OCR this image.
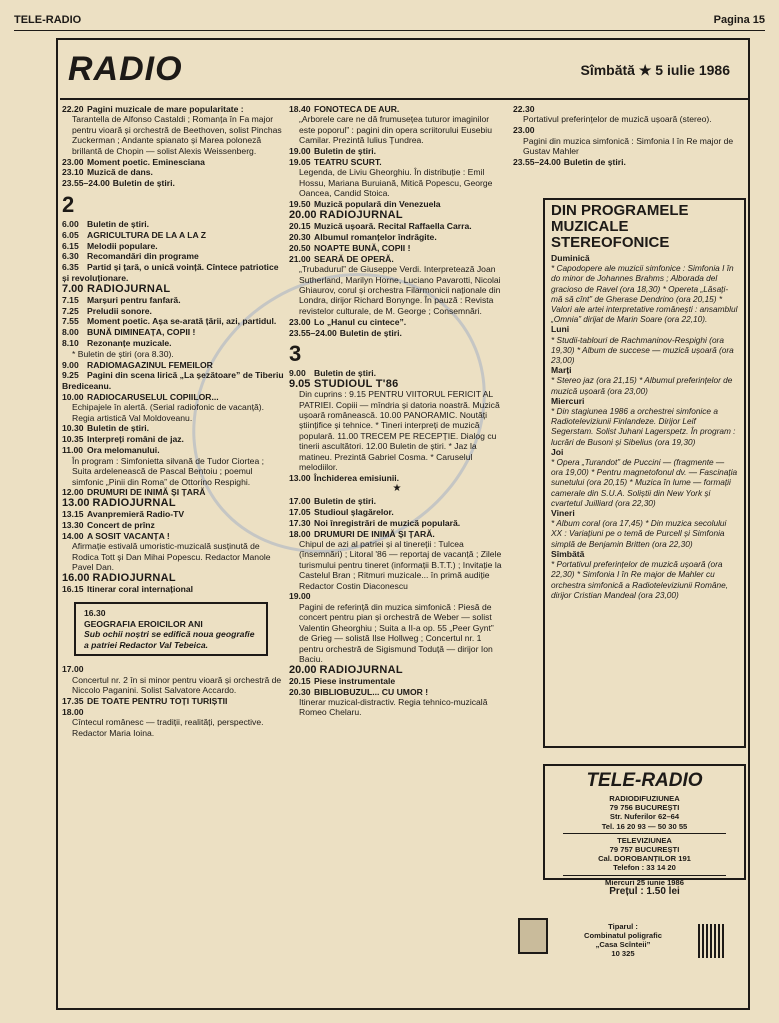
TELE-RADIO	Pagina 15
RADIO	Sîmbătă ★ 5 iulie 1986
22.20 Pagini muzicale de mare popularitate :
Tarantella de Alfonso Castaldi ; Romanța în Fa major pentru vioară și orchestră de Beethoven, solist Pinchas Zuckerman ; Andante spianato și Marea poloneză brillantă de Chopin — solist Alexis Weissenberg.
23.00 Moment poetic. Eminesciana
23.10 Muzică de dans.
23.55–24.00 Buletin de știri.
2
6.00 Buletin de știri.
6.05 AGRICULTURA DE LA A LA Z
6.15 Melodii populare.
6.30 Recomandări din programe
6.35 Partid și țară, o unică voință. Cîntece patriotice și revoluționare.
7.00 RADIOJURNAL
7.15 Marșuri pentru fanfară.
7.25 Preludii sonore.
7.55 Moment poetic. Așa se-arată țării, azi, partidul.
8.00 BUNĂ DIMINEAȚA, COPII !
8.10 Rezonanțe muzicale.
* Buletin de știri (ora 8.30).
9.00 RADIOMAGAZINUL FEMEILOR
9.25 Pagini din scena lirică „La șezătoare” de Tiberiu Brediceanu.
10.00 RADIOCARUSELUL COPIILOR...
Echipajele în alertă. (Serial radiofonic de vacanță). Regia artistică Val Moldoveanu.
10.30 Buletin de știri.
10.35 Interpreți români de jaz.
11.00 Ora melomanului.
În program : Simfonietta silvană de Tudor Ciortea ; Suita ardelenească de Pascal Bentoiu ; poemul simfonic „Pinii din Roma” de Ottorino Respighi.
12.00 DRUMURI DE INIMĂ ȘI ȚARĂ
13.00 RADIOJURNAL
13.15 Avanpremieră Radio-TV
13.30 Concert de prînz
14.00 A SOSIT VACANȚA !
Afirmație estivală umoristic-muzicală susținută de Rodica Tott și Dan Mihai Popescu. Redactor Manole Pavel Dan.
16.00 RADIOJURNAL
16.15 Itinerar coral internațional
16.30
GEOGRAFIA EROICILOR ANI
Sub ochii noștri se edifică noua geografie a patriei Redactor Val Tebeica.
17.00
Concertul nr. 2 în si minor pentru vioară și orchestră de Niccolo Paganini. Solist Salvatore Accardo.
17.35 DE TOATE PENTRU TOȚI TURIȘTII
18.00
Cîntecul românesc — tradiții, realități, perspective. Redactor Maria Ioina.
18.40 FONOTECA DE AUR.
„Arborele care ne dă frumusețea tuturor imaginilor este poporul” : pagini din opera scriitorului Eusebiu Camilar. Prezintă Iulius Țundrea.
19.00 Buletin de știri.
19.05 TEATRU SCURT.
Legenda, de Liviu Gheorghiu. În distribuție : Emil Hossu, Mariana Buruiană, Mitică Popescu, George Oancea, Candid Stoica.
19.50 Muzică populară din Venezuela
20.00 RADIOJURNAL
20.15 Muzică ușoară. Recital Raffaella Carra.
20.30 Albumul romanțelor îndrăgite.
20.50 NOAPTE BUNĂ, COPII !
21.00 SEARĂ DE OPERĂ.
„Trubadurul” de Giuseppe Verdi. Interpretează Joan Sutherland, Marilyn Horne, Luciano Pavarotti, Nicolai Ghiaurov, corul și orchestra Filarmonicii naționale din Londra, dirijor Richard Bonynge. În pauză : Revista revistelor culturale, de M. George ; Consemnări.
23.00 Lo „Hanul cu cintece”.
23.55–24.00 Buletin de știri.
3
9.00 Buletin de știri.
9.05 STUDIOUL T'86
Din cuprins : 9.15 PENTRU VIITORUL FERICIT AL PATRIEI. Copiii — mîndria și datoria noastră. Muzică ușoară românească. 10.00 PANORAMIC. Noutăți științifice și tehnice. * Tineri interpreți de muzică populară. 11.00 TRECEM PE RECEPȚIE. Dialog cu tinerii ascultători. 12.00 Buletin de știri. * Jaz la matineu. Prezintă Gabriel Cosma. * Caruselul melodiilor.
13.00 Închiderea emisiunii.
★
17.00 Buletin de știri.
17.05 Studioul șlagărelor.
17.30 Noi înregistrări de muzică populară.
18.00 DRUMURI DE INIMĂ ȘI ȚARĂ.
Chipul de azi al patriei și al tinereții : Tulcea (însemnări) ; Litoral '86 — reportaj de vacanță ; Zilele turismului pentru tineret (informații B.T.T.) ; Invitație la Castelul Bran ; Ritmuri muzicale... în primă audiție Redactor Costin Diaconescu
19.00
Pagini de referință din muzica simfonică : Piesă de concert pentru pian și orchestră de Weber — solist Valentin Gheorghiu ; Suita a II-a op. 55 „Peer Gynt” de Grieg — solistă Ilse Hollweg ; Concertul nr. 1 pentru orchestră de Sigismund Toduță — dirijor Ion Baciu.
20.00 RADIOJURNAL
20.15 Piese instrumentale
20.30 BIBLIOBUZUL... CU UMOR !
Itinerar muzical-distractiv. Regia tehnico-muzicală Romeo Chelaru.
22.30
Portativul preferințelor de muzică ușoară (stereo).
23.00
Pagini din muzica simfonică : Simfonia I în Re major de Gustav Mahler
23.55–24.00 Buletin de știri.
DIN PROGRAMELE MUZICALE STEREOFONICE
Duminică
* Capodopere ale muzicii simfonice : Simfonia I în do minor de Johannes Brahms ; Alborada del gracioso de Ravel (ora 18,30) * Opereta „Lăsați-mă să cînt” de Gherase Dendrino (ora 20,15) * Valori ale artei interpretative românești : ansamblul „Omnia” dirijat de Marin Soare (ora 22,10).
Luni
* Studii-tablouri de Rachmaninov-Respighi (ora 19,30) * Album de succese — muzică ușoară (ora 23,00)
Marți
* Stereo jaz (ora 21,15) * Albumul preferințelor de muzică ușoară (ora 23,00)
Miercuri
* Din stagiunea 1986 a orchestrei simfonice a Radioteleviziunii Finlandeze. Dirijor Leif Segerstam. Solist Juhani Lagerspetz. În program : lucrări de Busoni și Sibelius (ora 19,30)
Joi
* Opera „Turandot” de Puccini — (fragmente — ora 19,00) * Pentru magnetofonul dv. — Fascinația sunetului (ora 20,15) * Muzica în lume — formații camerale din S.U.A. Soliștii din New York și cvartetul Juilliard (ora 22,30)
Vineri
* Album coral (ora 17,45) * Din muzica secolului XX : Variațiuni pe o temă de Purcell și Simfonia simplă de Benjamin Britten (ora 22,30)
Sîmbătă
* Portativul preferințelor de muzică ușoară (ora 22,30) * Simfonia I în Re major de Mahler cu orchestra simfonică a Radioteleviziunii Române, dirijor Cristian Mandeal (ora 23,00)
TELE-RADIO
RADIODIFUZIUNEA
79 756 BUCUREȘTI
Str. Nuferilor 62–64
Tel. 16 20 93 — 50 30 55
TELEVIZIUNEA
79 757 BUCUREȘTI
Cal. DOROBANȚILOR 191
Telefon : 33 14 20
Miercuri 25 iunie 1986
Prețul : 1.50 lei
Tiparul :
Combinatul poligrafic
„Casa Scînteii”
10 325
